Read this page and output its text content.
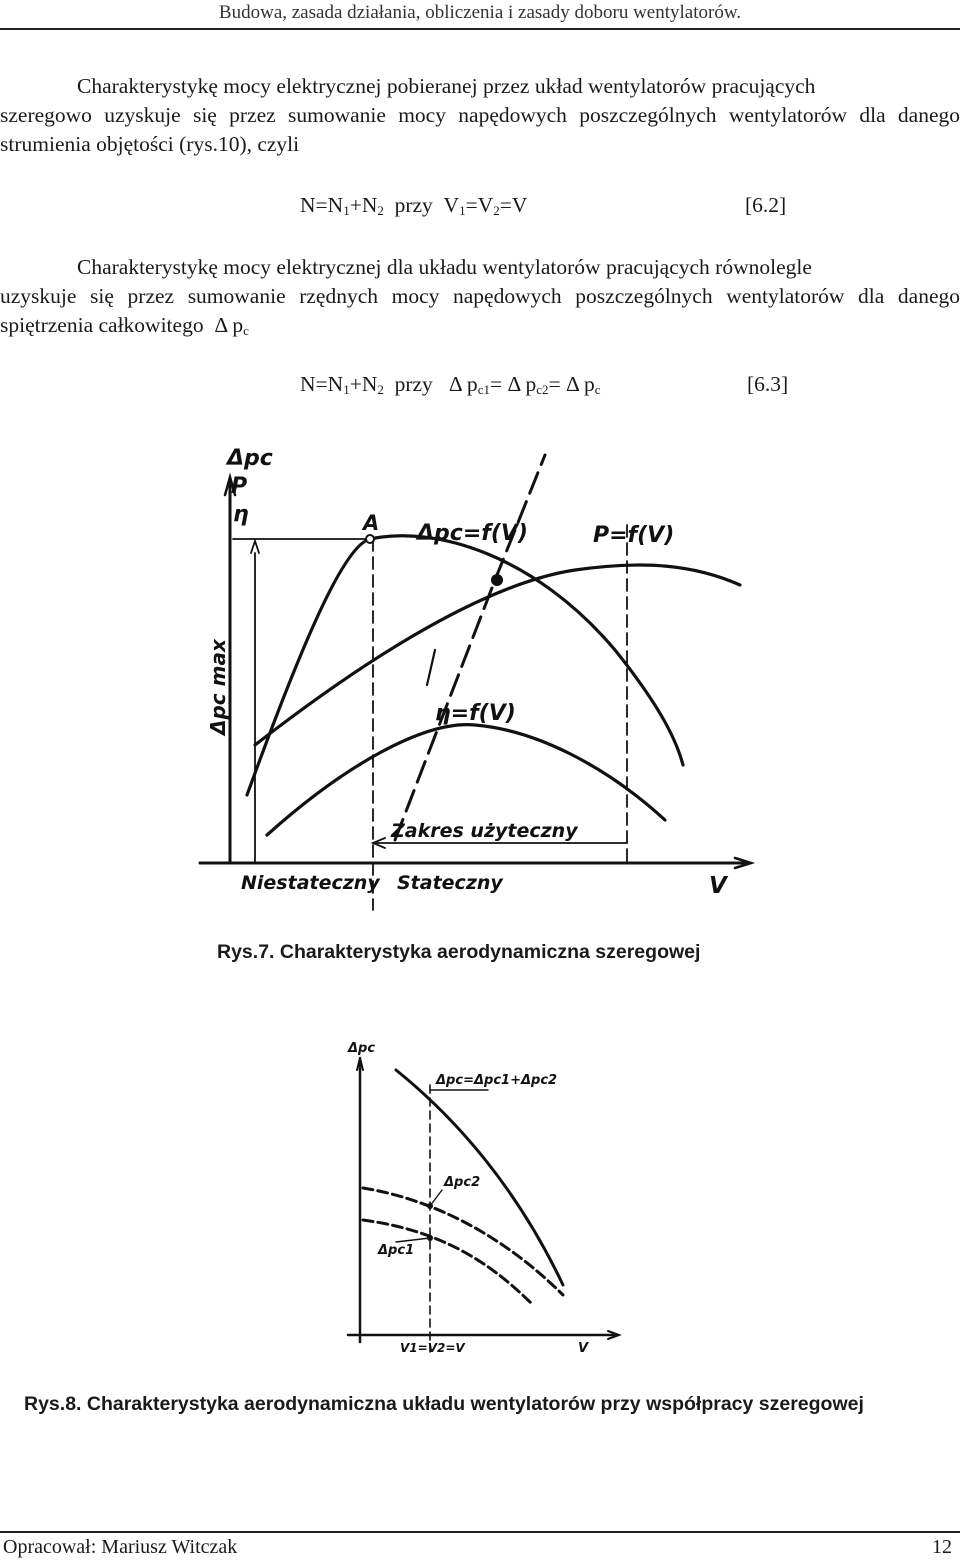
Budowa, zasada działania, obliczenia i zasady doboru wentylatorów.
Charakterystykę mocy elektrycznej pobieranej przez układ wentylatorów pracujących
szeregowo uzyskuje się przez sumowanie mocy napędowych poszczególnych wentylatorów dla danego strumienia objętości (rys.10), czyli
$N=N_1+N_2$  przy  $V_1=V_2=V$	[6.2]
Charakterystykę mocy elektrycznej dla układu wentylatorów pracujących równolegle
uzyskuje się przez sumowanie rzędnych mocy napędowych poszczególnych wentylatorów dla danego spiętrzenia całkowitego  Δ $p_c$
$N=N_1+N_2$  przy   Δ $p_{c1}= \Delta$ $p_{c2}= \Delta$ $p_c$	[6.3]
Δpc
P
η	A Δpc=f(V)	P=f(V)
η=f(V)
Δpc max
Zakres użyteczny
Niestateczny Stateczny	V
Rys.7. Charakterystyka aerodynamiczna szeregowej
Δpc
Δpc=Δpc1+Δpc2
Δpc2
Δpc1
V1=V2=V	V
Rys.8. Charakterystyka aerodynamiczna układu wentylatorów przy współpracy szeregowej
Opracował: Mariusz Witczak	12
